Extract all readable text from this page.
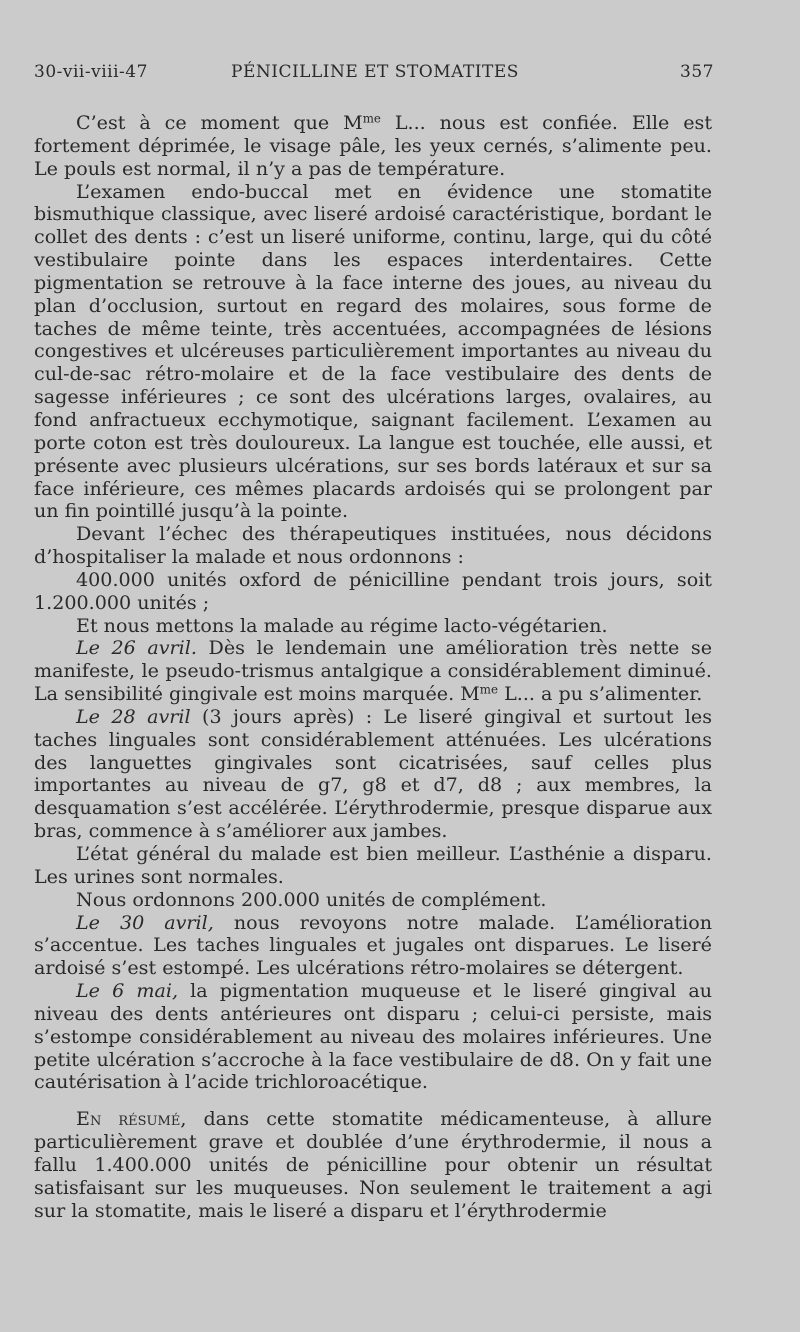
30-vii-viii-47	PÉNICILLINE ET STOMATITES	357

C’est à ce moment que $M^{me}$ L... nous est confiée. Elle est fortement déprimée, le visage pâle, les yeux cernés, s’alimente peu. Le pouls est normal, il n’y a pas de température.

L’examen endo-buccal met en évidence une stomatite bismuthique classique, avec liseré ardoisé caractéristique, bordant le collet des dents : c’est un liseré uniforme, continu, large, qui du côté vestibulaire pointe dans les espaces interdentaires. Cette pigmentation se retrouve à la face interne des joues, au niveau du plan d’occlusion, surtout en regard des molaires, sous forme de taches de même teinte, très accentuées, accompagnées de lésions congestives et ulcéreuses particulièrement importantes au niveau du cul-de-sac rétro-molaire et de la face vestibulaire des dents de sagesse inférieures ; ce sont des ulcérations larges, ovalaires, au fond anfractueux ecchymotique, saignant facilement. L’examen au porte coton est très douloureux. La langue est touchée, elle aussi, et présente avec plusieurs ulcérations, sur ses bords latéraux et sur sa face inférieure, ces mêmes placards ardoisés qui se prolongent par un fin pointillé jusqu’à la pointe.

Devant l’échec des thérapeutiques instituées, nous décidons d’hospitaliser la malade et nous ordonnons :

400.000 unités oxford de pénicilline pendant trois jours, soit 1.200.000 unités ;

Et nous mettons la malade au régime lacto-végétarien.

Le 26 avril. Dès le lendemain une amélioration très nette se manifeste, le pseudo-trismus antalgique a considérablement diminué. La sensibilité gingivale est moins marquée. $M^{me}$ L... a pu s’alimenter.

Le 28 avril (3 jours après) : Le liseré gingival et surtout les taches linguales sont considérablement atténuées. Les ulcérations des languettes gingivales sont cicatrisées, sauf celles plus importantes au niveau de g7, g8 et d7, d8 ; aux membres, la desquamation s’est accélérée. L’érythrodermie, presque disparue aux bras, commence à s’améliorer aux jambes.

L’état général du malade est bien meilleur. L’asthénie a disparu. Les urines sont normales.

Nous ordonnons 200.000 unités de complément.

Le 30 avril, nous revoyons notre malade. L’amélioration s’accentue. Les taches linguales et jugales ont disparues. Le liseré ardoisé s’est estompé. Les ulcérations rétro-molaires se détergent.

Le 6 mai, la pigmentation muqueuse et le liseré gingival au niveau des dents antérieures ont disparu ; celui-ci persiste, mais s’estompe considérablement au niveau des molaires inférieures. Une petite ulcération s’accroche à la face vestibulaire de d8. On y fait une cautérisation à l’acide trichloroacétique.

En résumé, dans cette stomatite médicamenteuse, à allure particulièrement grave et doublée d’une érythrodermie, il nous a fallu 1.400.000 unités de pénicilline pour obtenir un résultat satisfaisant sur les muqueuses. Non seulement le traitement a agi sur la stomatite, mais le liseré a disparu et l’érythrodermie
